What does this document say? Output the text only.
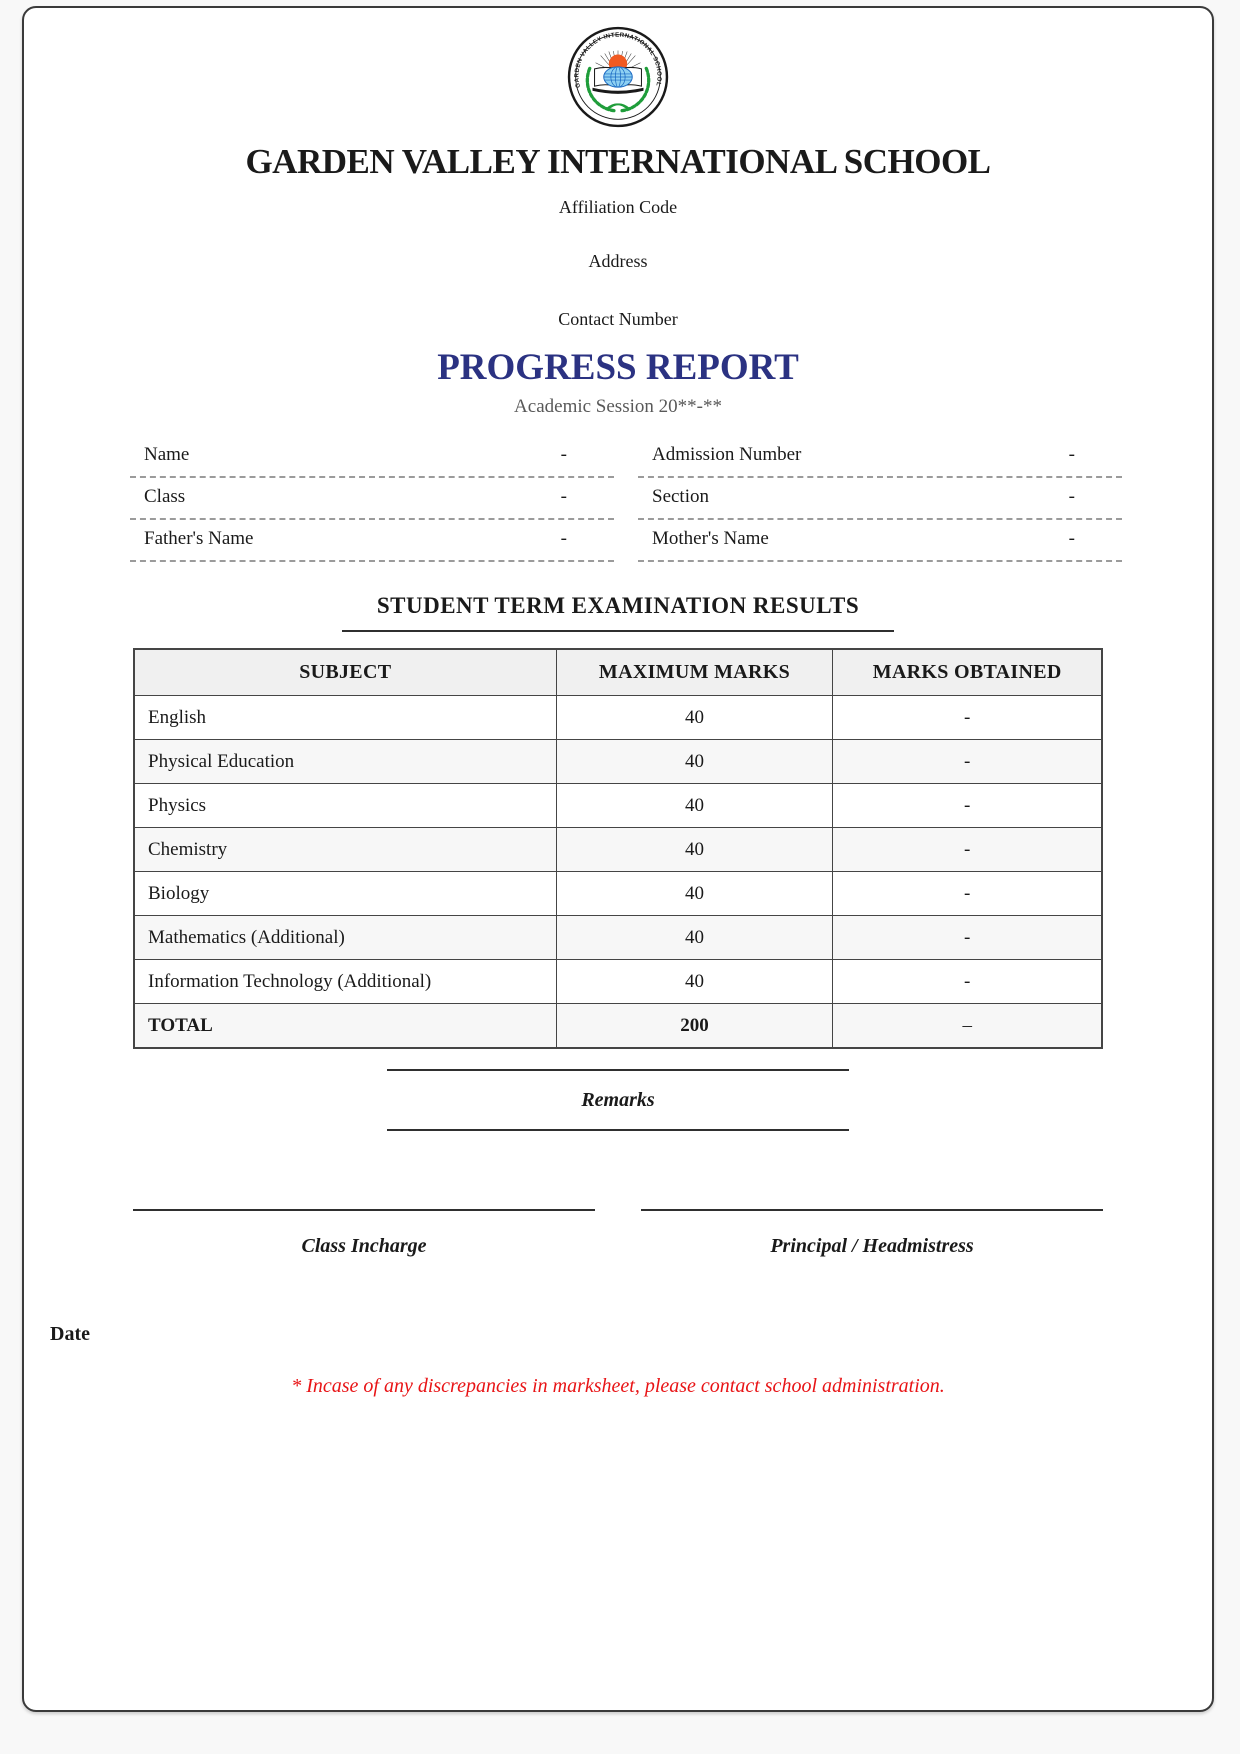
GARDEN VALLEY INTERNATIONAL SCHOOL
GARDEN VALLEY INTERNATIONAL SCHOOL
Affiliation Code
Address
Contact Number
PROGRESS REPORT
Academic Session 20**-**
Name	-	Admission Number	-
Class	-	Section	-
Father's Name	-	Mother's Name	-
STUDENT TERM EXAMINATION RESULTS
SUBJECT	MAXIMUM MARKS	MARKS OBTAINED
English	40	-
Physical Education	40	-
Physics	40	-
Chemistry	40	-
Biology	40	-
Mathematics (Additional)	40	-
Information Technology (Additional)	40	-
TOTAL	200	–
Remarks
Class Incharge	Principal / Headmistress
Date
* Incase of any discrepancies in marksheet, please contact school administration.
